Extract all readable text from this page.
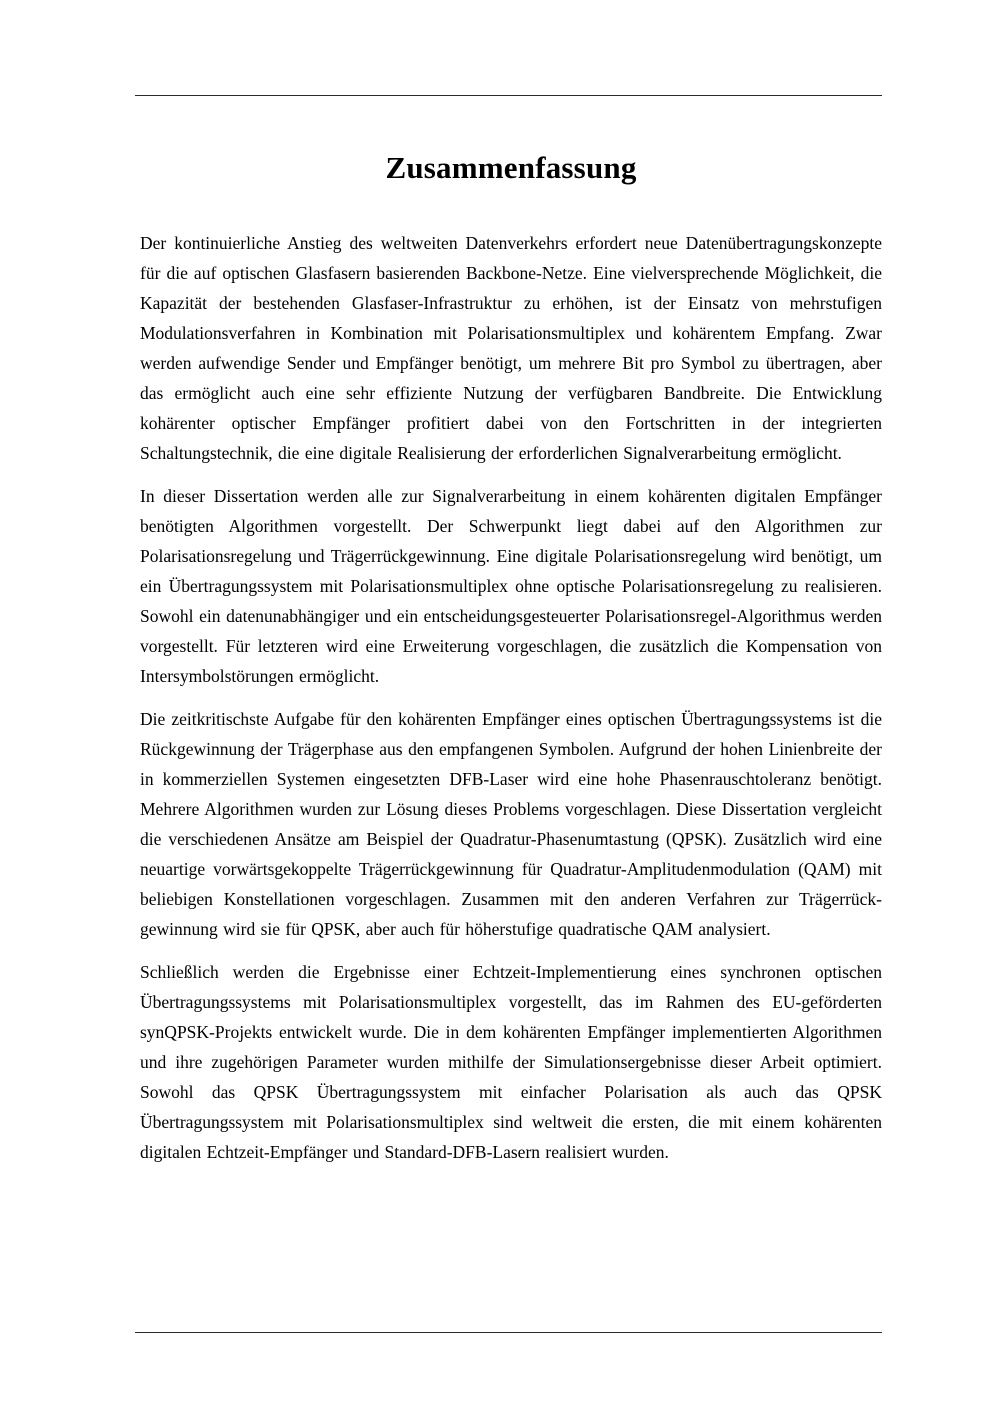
Zusammenfassung

Der kontinuierliche Anstieg des weltweiten Datenverkehrs erfordert neue Datenübertragungskonzepte für die auf optischen Glasfasern basierenden Backbone-Netze. Eine vielversprechende Möglichkeit, die Kapazität der bestehenden Glasfaser-Infrastruktur zu erhöhen, ist der Einsatz von mehrstufigen Modulationsverfahren in Kombination mit Polarisationsmultiplex und kohärentem Empfang. Zwar werden aufwendige Sender und Empfänger benötigt, um mehrere Bit pro Symbol zu übertragen, aber das ermöglicht auch eine sehr effiziente Nutzung der verfügbaren Bandbreite. Die Entwicklung kohärenter optischer Empfänger profitiert dabei von den Fortschritten in der integrierten Schaltungstechnik, die eine digitale Realisierung der erforderlichen Signalverarbeitung ermöglicht.

In dieser Dissertation werden alle zur Signalverarbeitung in einem kohärenten digitalen Empfänger benötigten Algorithmen vorgestellt. Der Schwerpunkt liegt dabei auf den Algorithmen zur Polarisationsregelung und Trägerrückgewinnung. Eine digitale Polarisationsregelung wird benötigt, um ein Übertragungssystem mit Polarisationsmultiplex ohne optische Polarisationsregelung zu realisieren. Sowohl ein datenunabhängiger und ein entscheidungsgesteuerter Polarisationsregel-Algorithmus werden vorgestellt. Für letzteren wird eine Erweiterung vorgeschlagen, die zusätzlich die Kompensation von Intersymbolstörungen ermöglicht.

Die zeitkritischste Aufgabe für den kohärenten Empfänger eines optischen Übertragungssystems ist die Rückgewinnung der Trägerphase aus den empfangenen Symbolen. Aufgrund der hohen Linienbreite der in kommerziellen Systemen eingesetzten DFB-Laser wird eine hohe Phasenrauschtoleranz benötigt. Mehrere Algorithmen wurden zur Lösung dieses Problems vorgeschlagen. Diese Dissertation vergleicht die verschiedenen Ansätze am Beispiel der Quadratur-Phasenumtastung (QPSK). Zusätzlich wird eine neuartige vorwärtsgekoppelte Trägerrückgewinnung für Quadratur-Amplitudenmodulation (QAM) mit beliebigen Konstellationen vorgeschlagen. Zusammen mit den anderen Verfahren zur Trägerrück-gewinnung wird sie für QPSK, aber auch für höherstufige quadratische QAM analysiert.

Schließlich werden die Ergebnisse einer Echtzeit-Implementierung eines synchronen optischen Übertragungssystems mit Polarisationsmultiplex vorgestellt, das im Rahmen des EU-geförderten synQPSK-Projekts entwickelt wurde. Die in dem kohärenten Empfänger implementierten Algorithmen und ihre zugehörigen Parameter wurden mithilfe der Simulationsergebnisse dieser Arbeit optimiert. Sowohl das QPSK Übertragungssystem mit einfacher Polarisation als auch das QPSK Übertragungssystem mit Polarisationsmultiplex sind weltweit die ersten, die mit einem kohärenten digitalen Echtzeit-Empfänger und Standard-DFB-Lasern realisiert wurden.
